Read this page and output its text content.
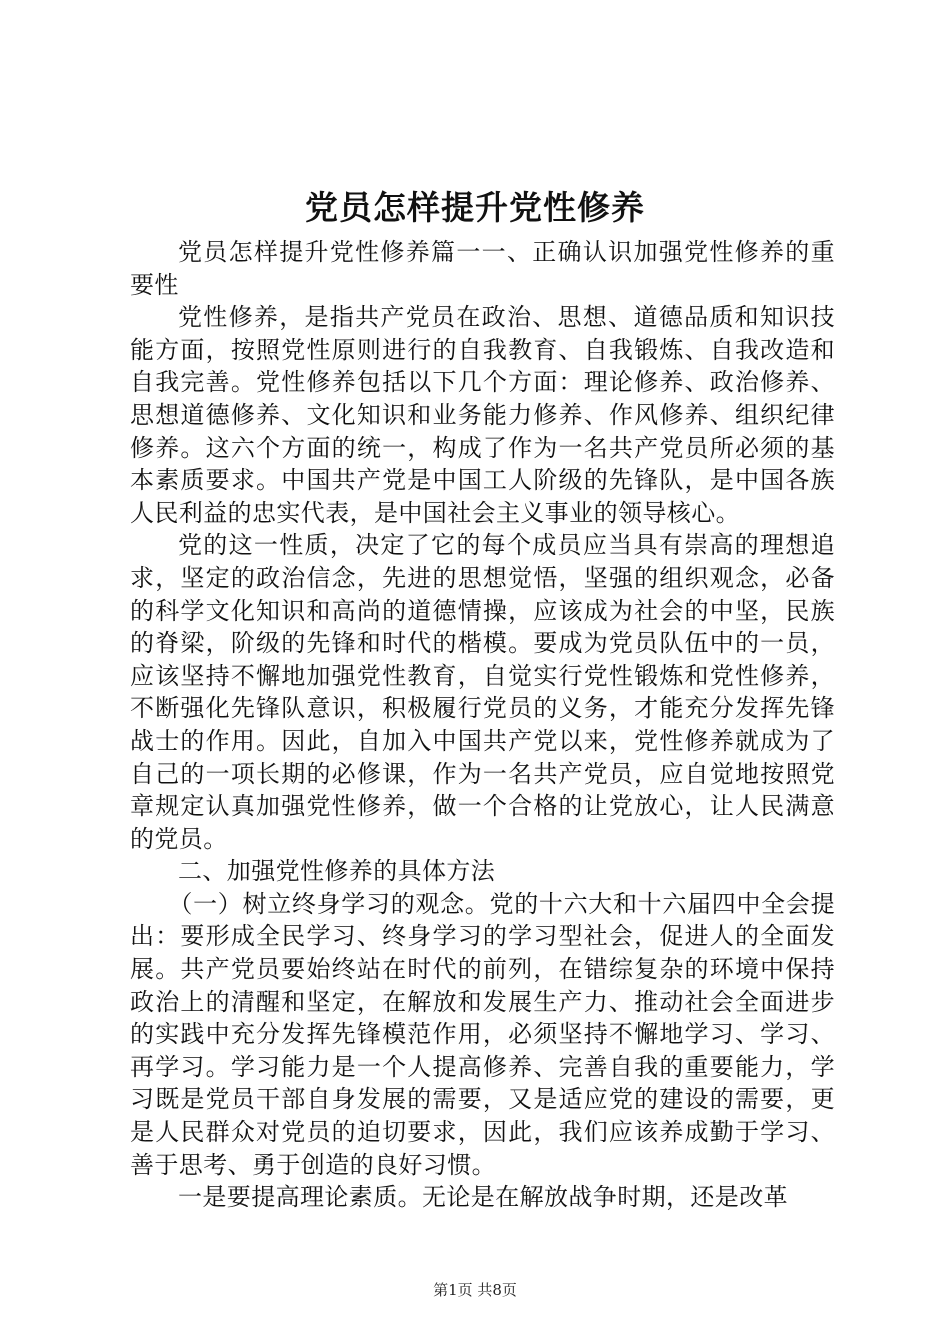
党员怎样提升党性修养

党员怎样提升党性修养篇一一、正确认识加强党性修养的重要性

党性修养，是指共产党员在政治、思想、道德品质和知识技能方面，按照党性原则进行的自我教育、自我锻炼、自我改造和自我完善。党性修养包括以下几个方面：理论修养、政治修养、思想道德修养、文化知识和业务能力修养、作风修养、组织纪律修养。这六个方面的统一，构成了作为一名共产党员所必须的基本素质要求。中国共产党是中国工人阶级的先锋队，是中国各族人民利益的忠实代表，是中国社会主义事业的领导核心。

党的这一性质，决定了它的每个成员应当具有崇高的理想追求，坚定的政治信念，先进的思想觉悟，坚强的组织观念，必备的科学文化知识和高尚的道德情操，应该成为社会的中坚，民族的脊梁，阶级的先锋和时代的楷模。要成为党员队伍中的一员，应该坚持不懈地加强党性教育，自觉实行党性锻炼和党性修养，不断强化先锋队意识，积极履行党员的义务，才能充分发挥先锋战士的作用。因此，自加入中国共产党以来，党性修养就成为了自己的一项长期的必修课，作为一名共产党员，应自觉地按照党章规定认真加强党性修养，做一个合格的让党放心，让人民满意的党员。

二、加强党性修养的具体方法

（一）树立终身学习的观念。党的十六大和十六届四中全会提出：要形成全民学习、终身学习的学习型社会，促进人的全面发展。共产党员要始终站在时代的前列，在错综复杂的环境中保持政治上的清醒和坚定，在解放和发展生产力、推动社会全面进步的实践中充分发挥先锋模范作用，必须坚持不懈地学习、学习、再学习。学习能力是一个人提高修养、完善自我的重要能力，学习既是党员干部自身发展的需要，又是适应党的建设的需要，更是人民群众对党员的迫切要求，因此，我们应该养成勤于学习、善于思考、勇于创造的良好习惯。

一是要提高理论素质。无论是在解放战争时期，还是改革

第1页 共8页
